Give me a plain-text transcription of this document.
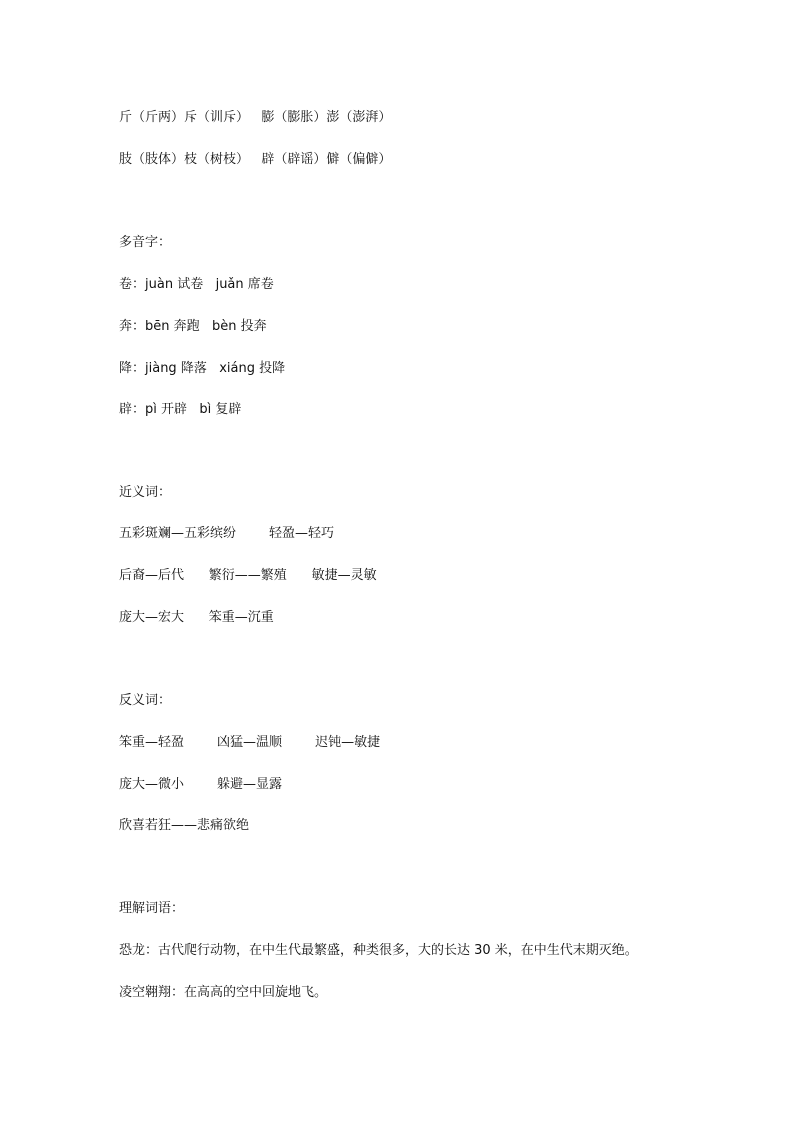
斤（斤两）斥（训斥）   膨（膨胀）澎（澎湃）
肢（肢体）枝（树枝）   辟（辟谣）僻（偏僻）
多音字：
卷：juàn 试卷   juǎn 席卷
奔：bēn 奔跑   bèn 投奔
降：jiàng 降落   xiáng 投降
辟：pì 开辟   bì 复辟
近义词：
五彩斑斓—五彩缤纷        轻盈—轻巧
后裔—后代      繁衍——繁殖      敏捷—灵敏
庞大—宏大      笨重—沉重
反义词：
笨重—轻盈        凶猛—温顺        迟钝—敏捷
庞大—微小        躲避—显露
欣喜若狂——悲痛欲绝
理解词语：
恐龙：古代爬行动物，在中生代最繁盛，种类很多，大的长达 30 米，在中生代末期灭绝。
凌空翱翔：在高高的空中回旋地飞。
